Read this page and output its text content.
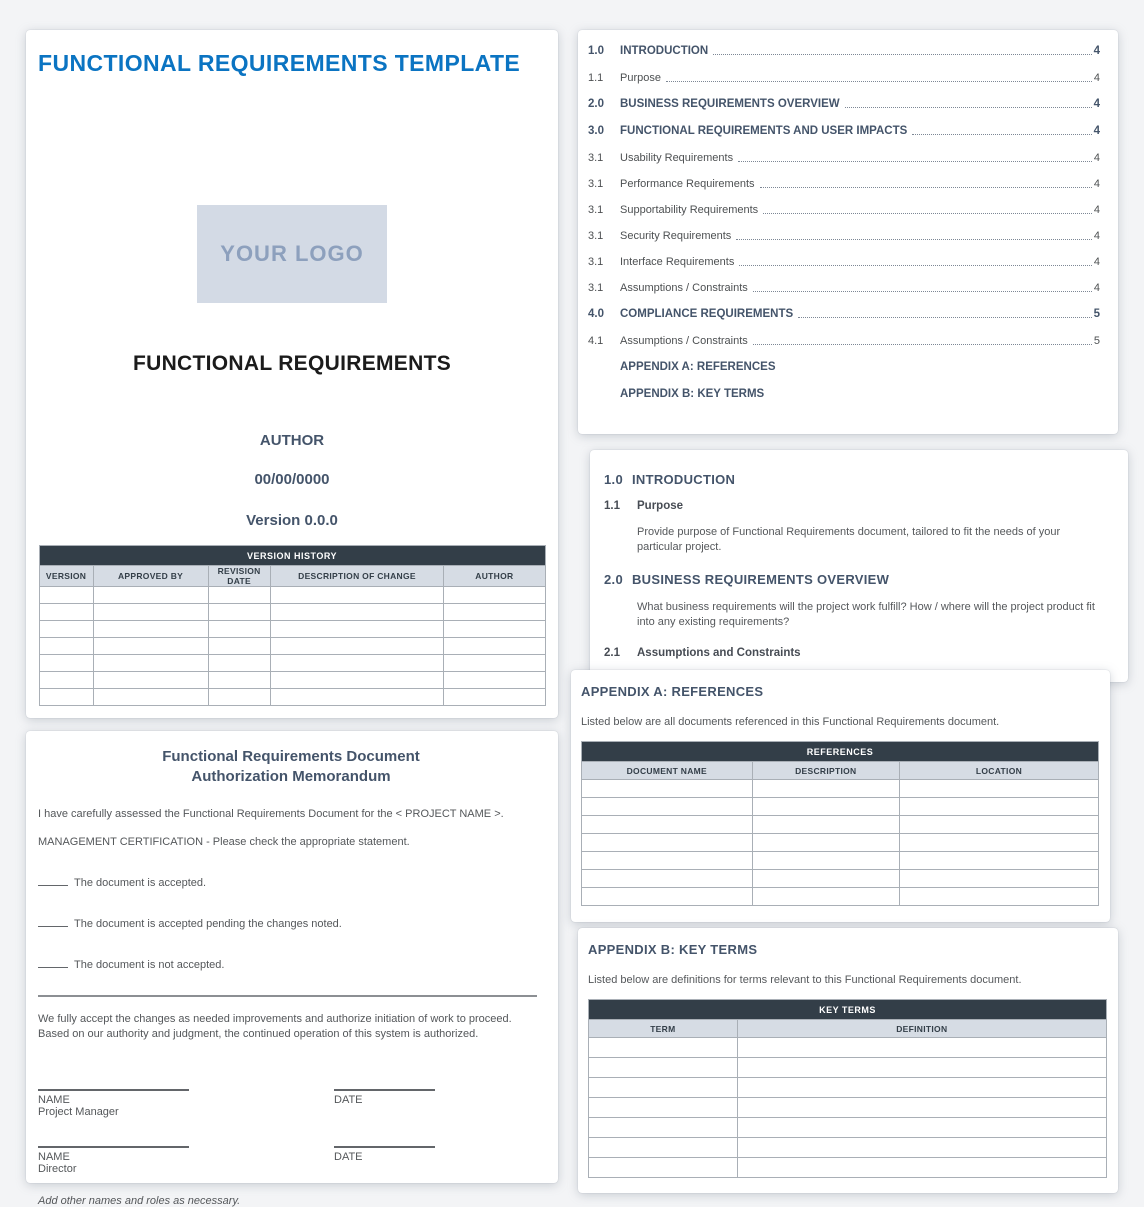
FUNCTIONAL REQUIREMENTS TEMPLATE
YOUR LOGO
FUNCTIONAL REQUIREMENTS
AUTHOR
00/00/0000
Version 0.0.0
VERSION HISTORY				
VERSION	APPROVED BY	REVISION DATE	DESCRIPTION OF CHANGE	AUTHOR

Functional Requirements Document
Authorization Memorandum
I have carefully assessed the Functional Requirements Document for the < PROJECT NAME >.
MANAGEMENT CERTIFICATION - Please check the appropriate statement.
The document is accepted.
The document is accepted pending the changes noted.
The document is not accepted.
We fully accept the changes as needed improvements and authorize initiation of work to proceed. Based on our authority and judgment, the continued operation of this system is authorized.
NAME
Project Manager
DATE
NAME
Director
DATE
Add other names and roles as necessary.
1.0	INTRODUCTION	4
1.1	Purpose	4
2.0	BUSINESS REQUIREMENTS OVERVIEW	4
3.0	FUNCTIONAL REQUIREMENTS AND USER IMPACTS	4
3.1	Usability Requirements	4
3.1	Performance Requirements	4
3.1	Supportability Requirements	4
3.1	Security Requirements	4
3.1	Interface Requirements	4
3.1	Assumptions / Constraints	4
4.0	COMPLIANCE REQUIREMENTS	5
4.1	Assumptions / Constraints	5
APPENDIX A: REFERENCES
APPENDIX B: KEY TERMS
1.0 INTRODUCTION
1.1 Purpose
Provide purpose of Functional Requirements document, tailored to fit the needs of your particular project.
2.0 BUSINESS REQUIREMENTS OVERVIEW
What business requirements will the project work fulfill? How / where will the project product fit into any existing requirements?
2.1 Assumptions and Constraints
APPENDIX A: REFERENCES
Listed below are all documents referenced in this Functional Requirements document.
REFERENCES		
DOCUMENT NAME	DESCRIPTION	LOCATION

APPENDIX B: KEY TERMS
Listed below are definitions for terms relevant to this Functional Requirements document.
KEY TERMS	
TERM	DEFINITION
